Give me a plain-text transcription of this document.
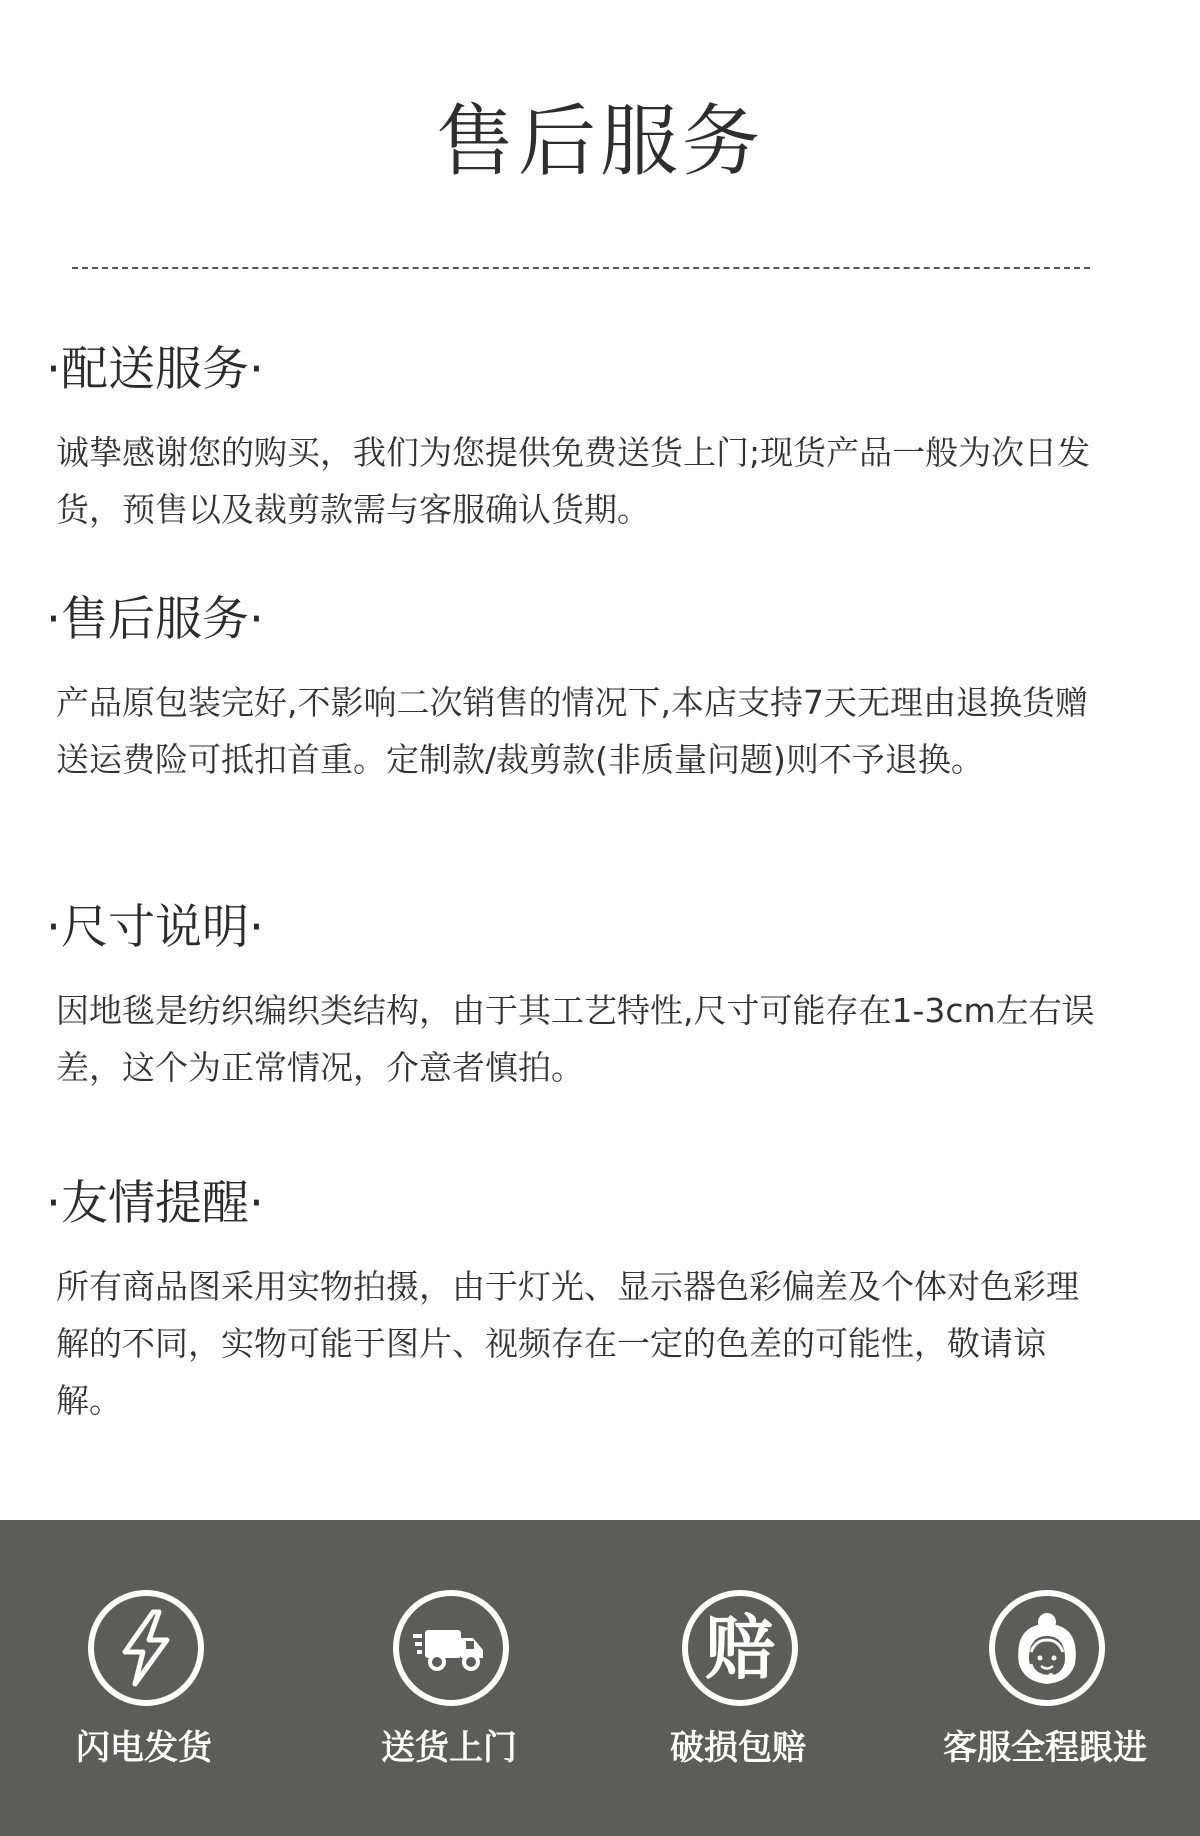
售后服务
·配送服务·

诚挚感谢您的购买，我们为您提供免费送货上门;现货产品一般为次日发货，预售以及裁剪款需与客服确认货期。

·售后服务·

产品原包装完好,不影响二次销售的情况下,本店支持7天无理由退换货赠送运费险可抵扣首重。定制款/裁剪款(非质量问题)则不予退换。

·尺寸说明·

因地毯是纺织编织类结构，由于其工艺特性,尺寸可能存在1-3cm左右误差，这个为正常情况，介意者慎拍。

·友情提醒·

所有商品图采用实物拍摄，由于灯光、显示器色彩偏差及个体对色彩理解的不同，实物可能于图片、视频存在一定的色差的可能性，敬请谅解。

闪电发货	送货上门
赔
破损包赔	客服全程跟进
